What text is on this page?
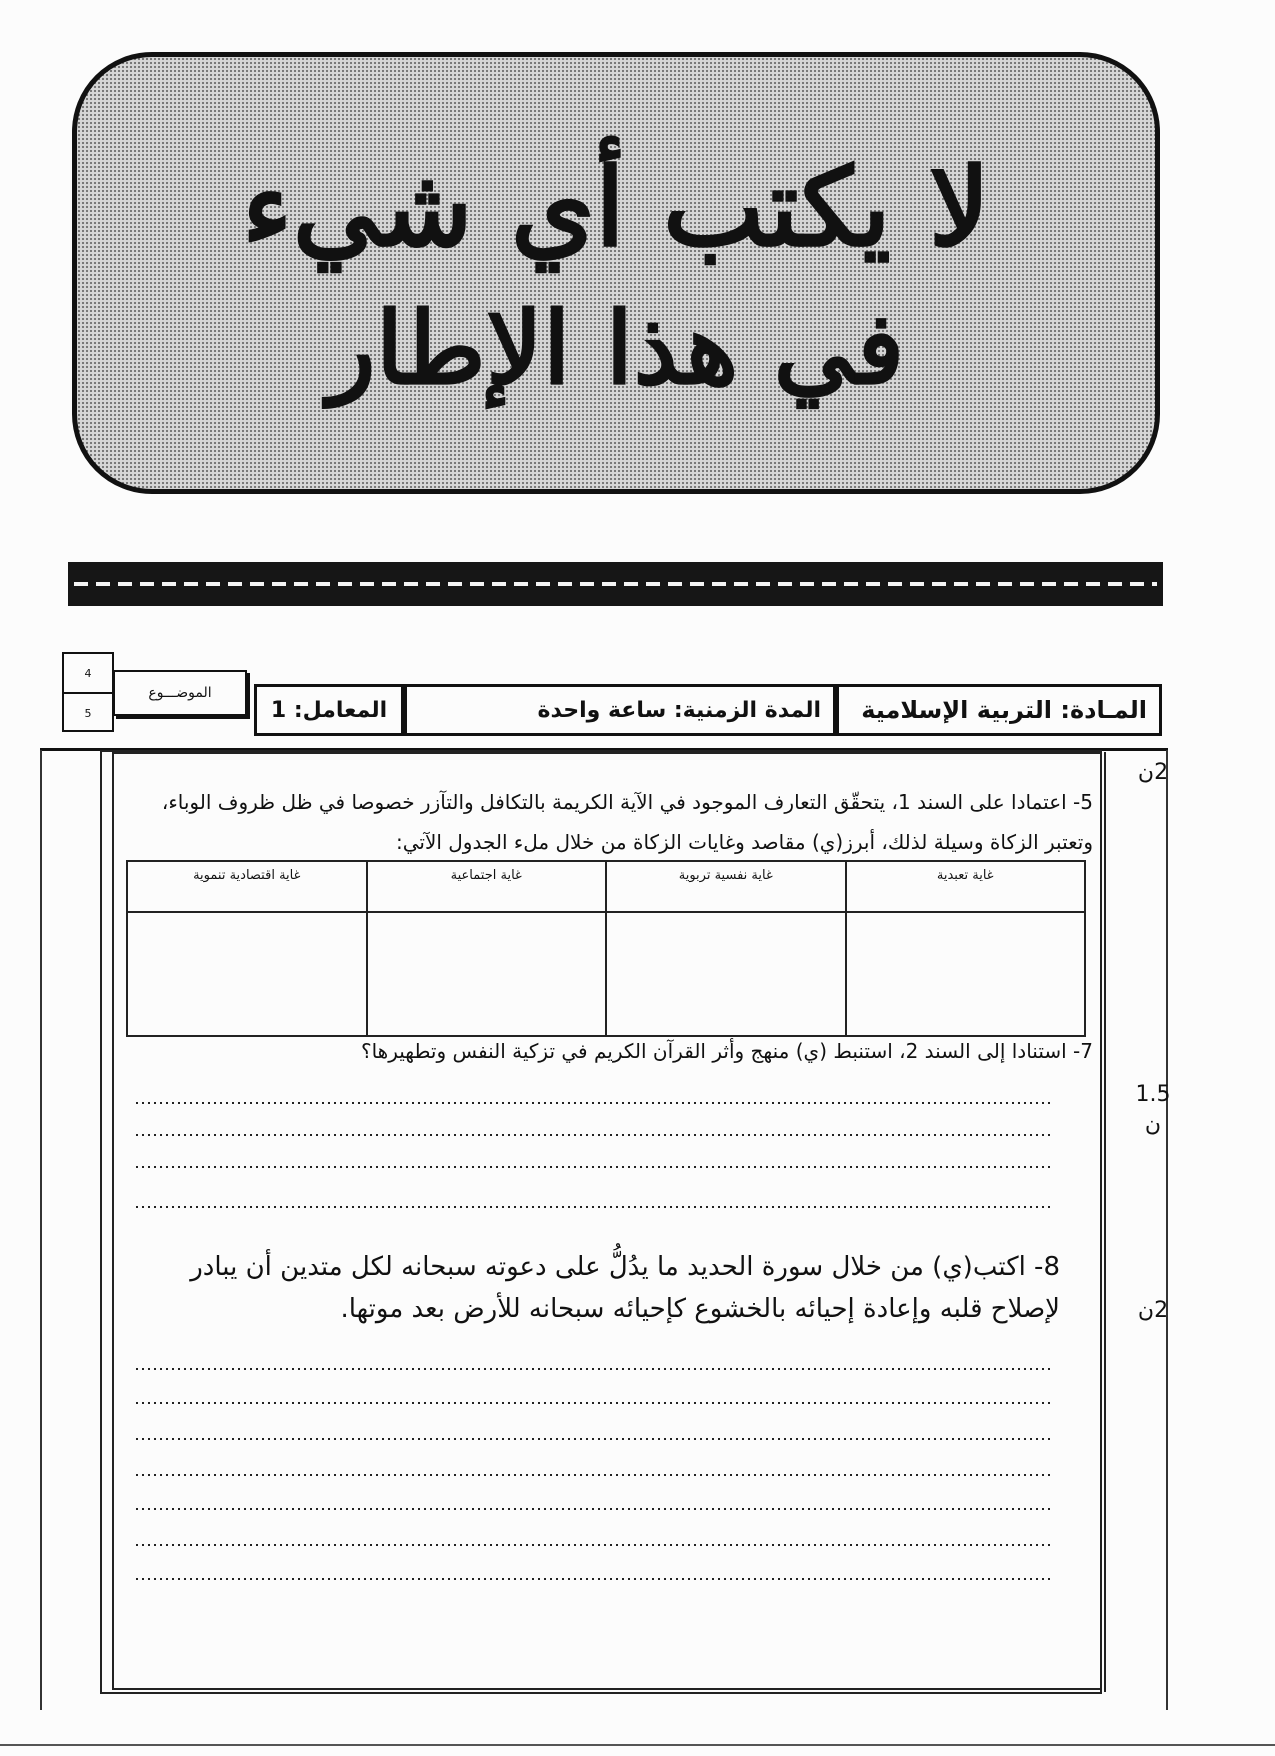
لا يكتب أي شيء
في هذا الإطار
4
5
الموضـــوع
المعامل: 1	المدة الزمنية: ساعة واحدة	المـادة: التربية الإسلامية
2ن
1.5 ن
2ن
5- اعتمادا على السند 1، يتحقّق التعارف الموجود في الآية الكريمة بالتكافل والتآزر خصوصا في ظل ظروف الوباء، وتعتبر الزكاة وسيلة لذلك، أبرز(ي) مقاصد وغايات الزكاة من خلال ملء الجدول الآتي:
غاية تعبدية	غاية نفسية تربوية	غاية اجتماعية	غاية اقتصادية تنموية

7- استنادا إلى السند 2، استنبط (ي) منهج وأثر القرآن الكريم في تزكية النفس وتطهيرها؟
8- اكتب(ي) من خلال سورة الحديد ما يدُلُّ على دعوته سبحانه لكل متدين أن يبادر لإصلاح قلبه وإعادة إحيائه بالخشوع كإحيائه سبحانه للأرض بعد موتها.
